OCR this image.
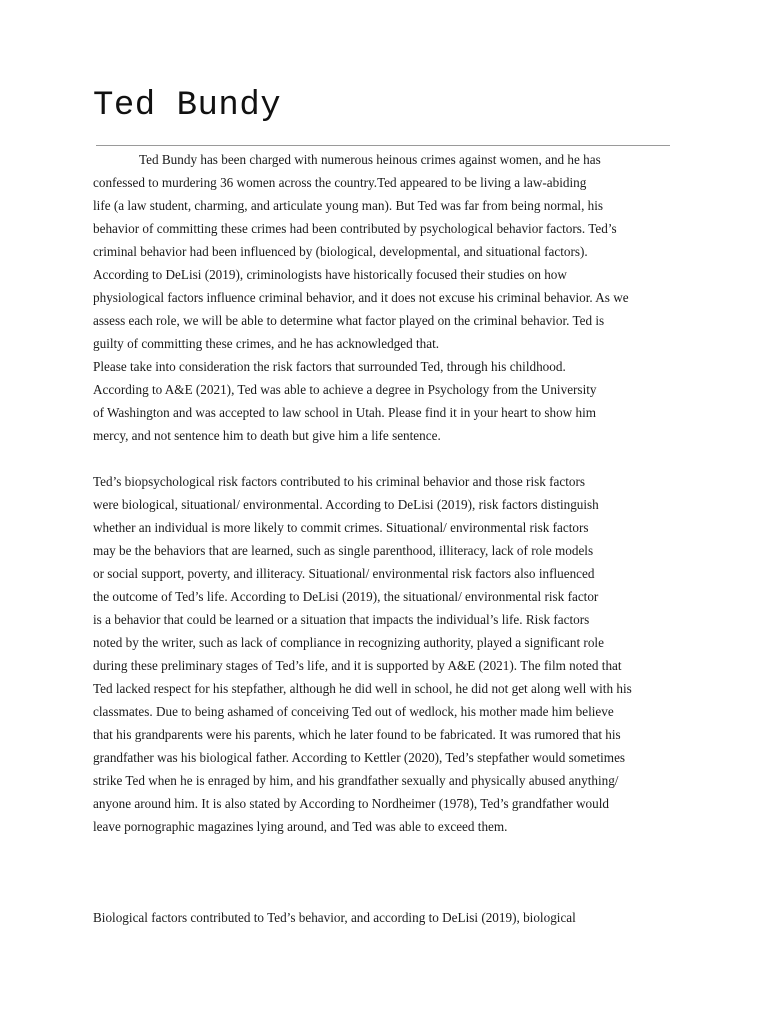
Ted Bundy

Ted Bundy has been charged with numerous heinous crimes against women, and he has

confessed to murdering 36 women across the country.Ted appeared to be living a law-abiding

life (a law student, charming, and articulate young man). But Ted was far from being normal, his

behavior of committing these crimes had been contributed by psychological behavior factors. Ted’s

criminal behavior had been influenced by (biological, developmental, and situational factors).

According to DeLisi (2019), criminologists have historically focused their studies on how

physiological factors influence criminal behavior, and it does not excuse his criminal behavior. As we

assess each role, we will be able to determine what factor played on the criminal behavior. Ted is

guilty of committing these crimes, and he has acknowledged that.

Please take into consideration the risk factors that surrounded Ted, through his childhood.

According to A&E (2021), Ted was able to achieve a degree in Psychology from the University

of Washington and was accepted to law school in Utah. Please find it in your heart to show him

mercy, and not sentence him to death but give him a life sentence.

Ted’s biopsychological risk factors contributed to his criminal behavior and those risk factors

were biological, situational/ environmental. According to DeLisi (2019), risk factors distinguish

whether an individual is more likely to commit crimes. Situational/ environmental risk factors

may be the behaviors that are learned, such as single parenthood, illiteracy, lack of role models

or social support, poverty, and illiteracy. Situational/ environmental risk factors also influenced

the outcome of Ted’s life. According to DeLisi (2019), the situational/ environmental risk factor

is a behavior that could be learned or a situation that impacts the individual’s life. Risk factors

noted by the writer, such as lack of compliance in recognizing authority, played a significant role

during these preliminary stages of Ted’s life, and it is supported by A&E (2021). The film noted that

Ted lacked respect for his stepfather, although he did well in school, he did not get along well with his

classmates. Due to being ashamed of conceiving Ted out of wedlock, his mother made him believe

that his grandparents were his parents, which he later found to be fabricated. It was rumored that his

grandfather was his biological father. According to Kettler (2020), Ted’s stepfather would sometimes

strike Ted when he is enraged by him, and his grandfather sexually and physically abused anything/

anyone around him. It is also stated by According to Nordheimer (1978), Ted’s grandfather would

leave pornographic magazines lying around, and Ted was able to exceed them.

Biological factors contributed to Ted’s behavior, and according to DeLisi (2019), biological
